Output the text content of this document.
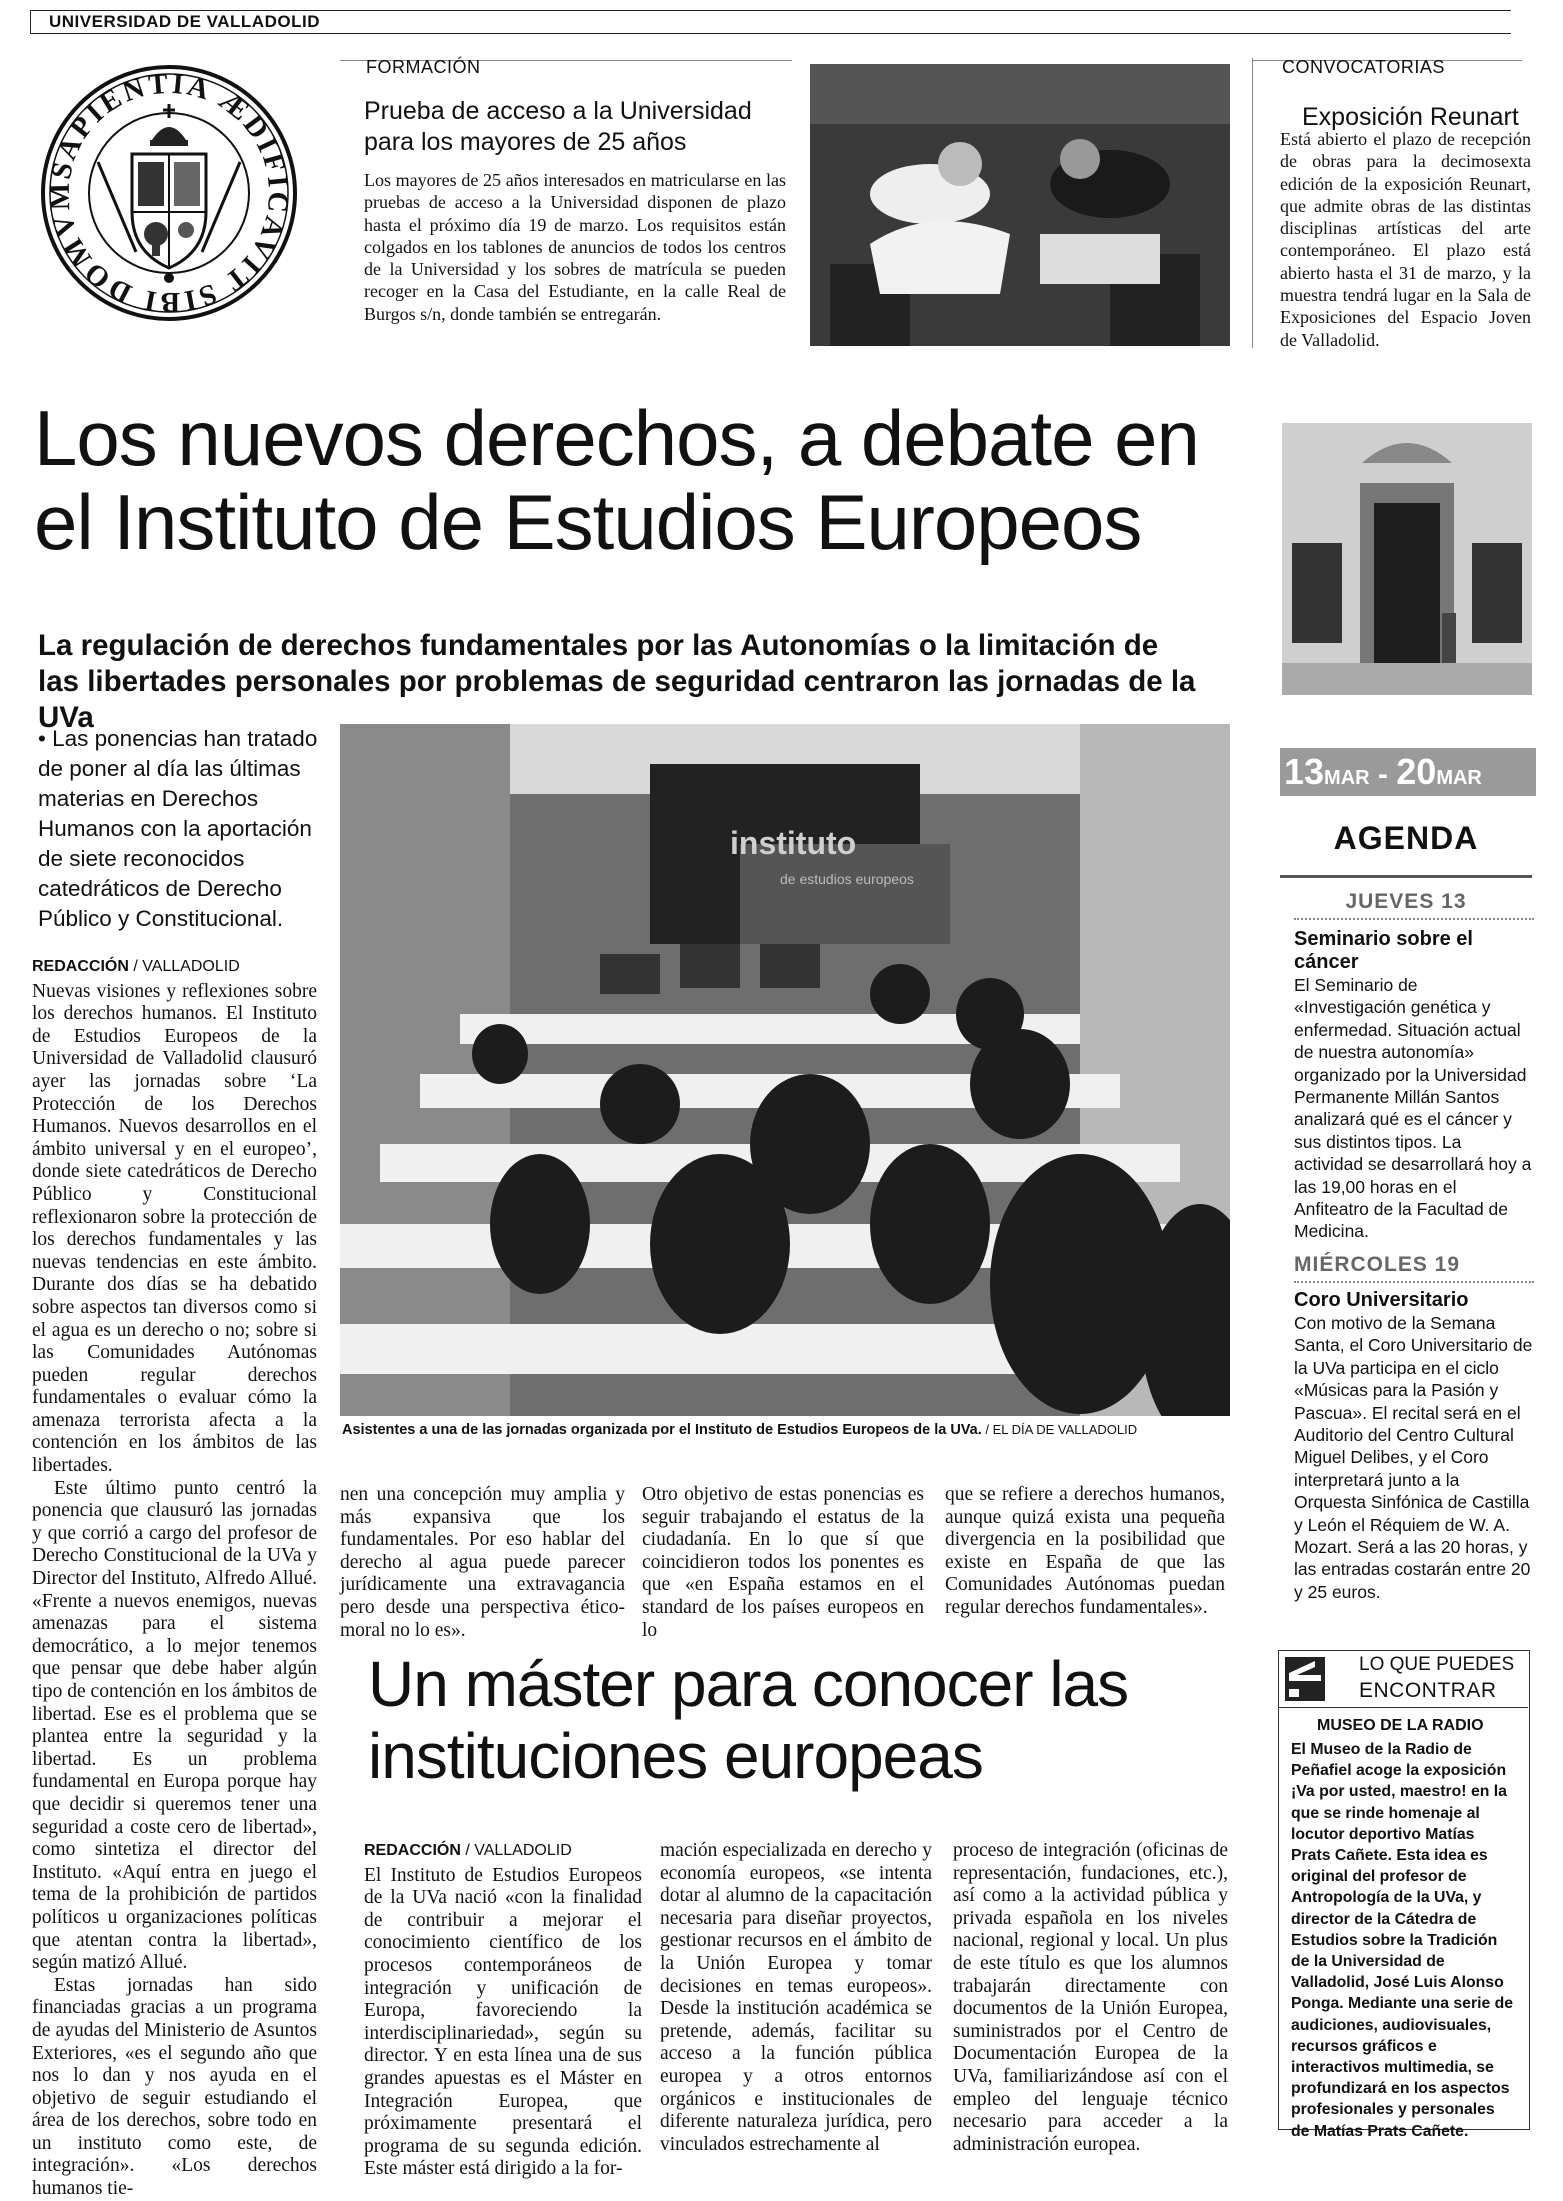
UNIVERSIDAD DE VALLADOLID
SAPIENTIA ÆDIFICAVIT SIBI DOMVM
FORMACIÓN
Prueba de acceso a la Universidad para los mayores de 25 años
Los mayores de 25 años interesados en matricularse en las pruebas de acceso a la Universidad disponen de plazo hasta el próximo día 19 de marzo. Los requisitos están colgados en los tablones de anuncios de todos los centros de la Universidad y los sobres de matrícula se pueden recoger en la Casa del Estudiante, en la calle Real de Burgos s/n, donde también se entregarán.
CONVOCATORIAS
Exposición Reunart
Está abierto el plazo de recepción de obras para la decimosexta edición de la exposición Reunart, que admite obras de las distintas disciplinas artísticas del arte contemporáneo. El plazo está abierto hasta el 31 de marzo, y la muestra tendrá lugar en la Sala de Exposiciones del Espacio Joven de Valladolid.
Los nuevos derechos, a debate en el Instituto de Estudios Europeos
La regulación de derechos fundamentales por las Autonomías o la limitación de las libertades personales por problemas de seguridad centraron las jornadas de la UVa
• Las ponencias han tratado de poner al día las últimas materias en Derechos Humanos con la aportación de siete reconocidos catedráticos de Derecho Público y Constitucional.
instituto
de estudios europeos
Asistentes a una de las jornadas organizada por el Instituto de Estudios Europeos de la UVa. / EL DÍA DE VALLADOLID
REDACCIÓN / VALLADOLID

Nuevas visiones y reflexiones sobre los derechos humanos. El Instituto de Estudios Europeos de la Universidad de Valladolid clausuró ayer las jornadas sobre ‘La Protección de los Derechos Humanos. Nuevos desarrollos en el ámbito universal y en el europeo’, donde siete catedráticos de Derecho Público y Constitucional reflexionaron sobre la protección de los derechos fundamentales y las nuevas tendencias en este ámbito. Durante dos días se ha debatido sobre aspectos tan diversos como si el agua es un derecho o no; sobre si las Comunidades Autónomas pueden regular derechos fundamentales o evaluar cómo la amenaza terrorista afecta a la contención en los ámbitos de las libertades.

Este último punto centró la ponencia que clausuró las jornadas y que corrió a cargo del profesor de Derecho Constitucional de la UVa y Director del Instituto, Alfredo Allué. «Frente a nuevos enemigos, nuevas amenazas para el sistema democrático, a lo mejor tenemos que pensar que debe haber algún tipo de contención en los ámbitos de libertad. Ese es el problema que se plantea entre la seguridad y la libertad. Es un problema fundamental en Europa porque hay que decidir si queremos tener una seguridad a coste cero de libertad», como sintetiza el director del Instituto. «Aquí entra en juego el tema de la prohibición de partidos políticos u organizaciones políticas que atentan contra la libertad», según matizó Allué.

Estas jornadas han sido financiadas gracias a un programa de ayudas del Ministerio de Asuntos Exteriores, «es el segundo año que nos lo dan y nos ayuda en el objetivo de seguir estudiando el área de los derechos, sobre todo en un instituto como este, de integración». «Los derechos humanos tie-

nen una concepción muy amplia y más expansiva que los fundamentales. Por eso hablar del derecho al agua puede parecer jurídicamente una extravagancia pero desde una perspectiva ético-moral no lo es».
Otro objetivo de estas ponencias es seguir trabajando el estatus de la ciudadanía. En lo que sí que coincidieron todos los ponentes es que «en España estamos en el standard de los países europeos en lo
que se refiere a derechos humanos, aunque quizá exista una pequeña divergencia en la posibilidad que existe en España de que las Comunidades Autónomas puedan regular derechos fundamentales».
Un máster para conocer las instituciones europeas
REDACCIÓN / VALLADOLID

El Instituto de Estudios Europeos de la UVa nació «con la finalidad de contribuir a mejorar el conocimiento científico de los procesos contemporáneos de integración y unificación de Europa, favoreciendo la interdisciplinariedad», según su director. Y en esta línea una de sus grandes apuestas es el Máster en Integración Europea, que próximamente presentará el programa de su segunda edición. Este máster está dirigido a la for-

mación especializada en derecho y economía europeos, «se intenta dotar al alumno de la capacitación necesaria para diseñar proyectos, gestionar recursos en el ámbito de la Unión Europea y tomar decisiones en temas europeos». Desde la institución académica se pretende, además, facilitar su acceso a la función pública europea y a otros entornos orgánicos e institucionales de diferente naturaleza jurídica, pero vinculados estrechamente al
proceso de integración (oficinas de representación, fundaciones, etc.), así como a la actividad pública y privada española en los niveles nacional, regional y local. Un plus de este título es que los alumnos trabajarán directamente con documentos de la Unión Europea, suministrados por el Centro de Documentación Europea de la UVa, familiarizándose así con el empleo del lenguaje técnico necesario para acceder a la administración europea.
13MAR - 20MAR
AGENDA
JUEVES 13
Seminario sobre el cáncer

El Seminario de «Investigación genética y enfermedad. Situación actual de nuestra autonomía» organizado por la Universidad Permanente Millán Santos analizará qué es el cáncer y sus distintos tipos. La actividad se desarrollará hoy a las 19,00 horas en el Anfiteatro de la Facultad de Medicina.

MIÉRCOLES 19
Coro Universitario

Con motivo de la Semana Santa, el Coro Universitario de la UVa participa en el ciclo «Músicas para la Pasión y Pascua». El recital será en el Auditorio del Centro Cultural Miguel Delibes, y el Coro interpretará junto a la Orquesta Sinfónica de Castilla y León el Réquiem de W. A. Mozart. Será a las 20 horas, y las entradas costarán entre 20 y 25 euros.

LO QUE PUEDES
ENCONTRAR
MUSEO DE LA RADIO
El Museo de la Radio de Peñafiel acoge la exposición ¡Va por usted, maestro! en la que se rinde homenaje al locutor deportivo Matías Prats Cañete. Esta idea es original del profesor de Antropología de la UVa, y director de la Cátedra de Estudios sobre la Tradición de la Universidad de Valladolid, José Luis Alonso Ponga. Mediante una serie de audiciones, audiovisuales, recursos gráficos e interactivos multimedia, se profundizará en los aspectos profesionales y personales de Matías Prats Cañete.
